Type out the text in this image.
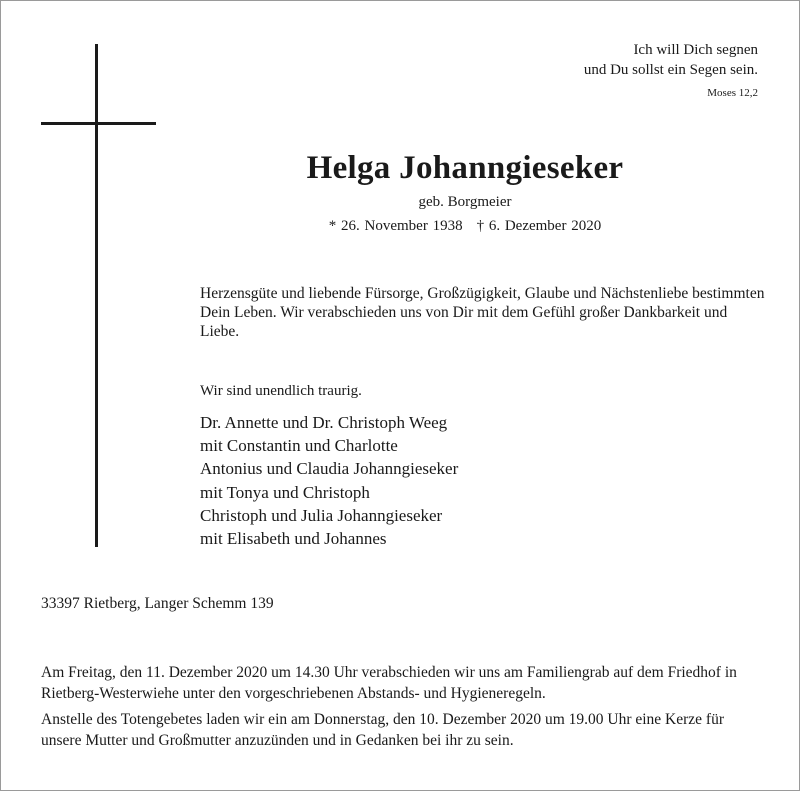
Ich will Dich segnen
und Du sollst ein Segen sein.
Moses 12,2
Helga Johanngieseker
geb. Borgmeier
* 26. November 1938 † 6. Dezember 2020
Herzensgüte und liebende Fürsorge, Großzügigkeit, Glaube und Nächstenliebe bestimmten Dein Leben. Wir verabschieden uns von Dir mit dem Gefühl großer Dankbarkeit und Liebe.
Wir sind unendlich traurig.
Dr. Annette und Dr. Christoph Weeg
mit Constantin und Charlotte
Antonius und Claudia Johanngieseker
mit Tonya und Christoph
Christoph und Julia Johanngieseker
mit Elisabeth und Johannes
33397 Rietberg, Langer Schemm 139

Am Freitag, den 11. Dezember 2020 um 14.30 Uhr verabschieden wir uns am Familiengrab auf dem Friedhof in Rietberg-Westerwiehe unter den vorgeschriebenen Abstands- und Hygieneregeln.

Anstelle des Totengebetes laden wir ein am Donnerstag, den 10. Dezember 2020 um 19.00 Uhr eine Kerze für unsere Mutter und Großmutter anzuzünden und in Gedanken bei ihr zu sein.
